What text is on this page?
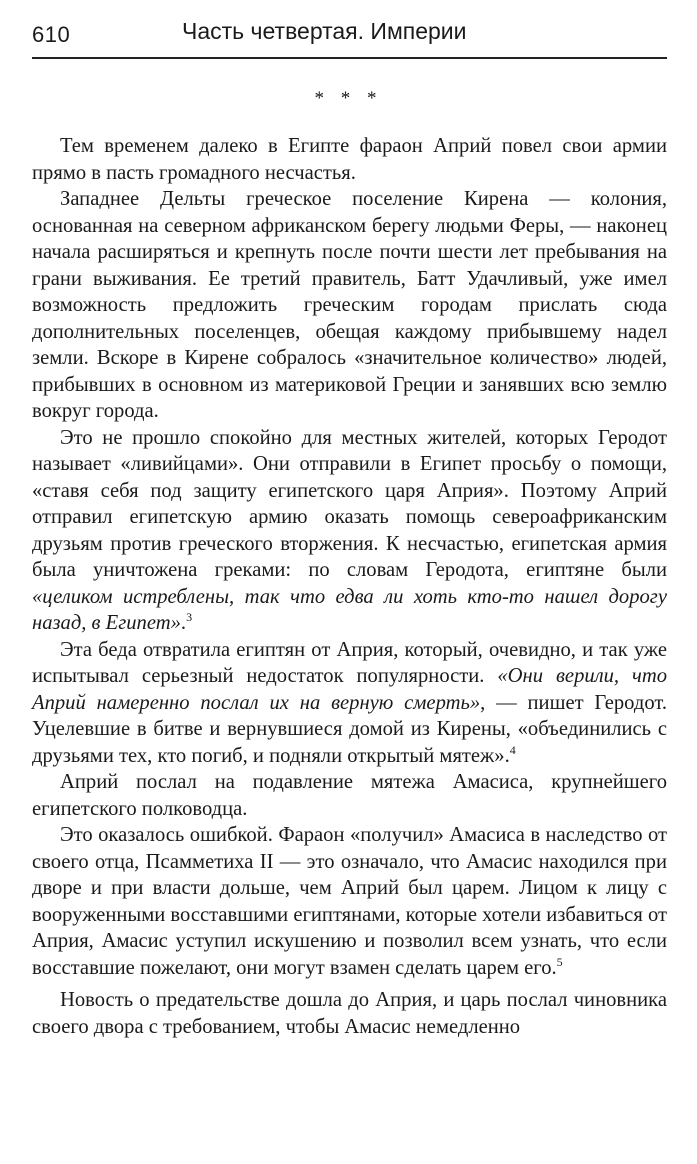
610	Часть четвертая. Империи
* * *

Тем временем далеко в Египте фараон Априй повел свои армии прямо в пасть громадного несчастья.

Западнее Дельты греческое поселение Кирена — колония, основанная на северном африканском берегу людьми Феры, — наконец начала расширяться и крепнуть после почти шести лет пребывания на грани выживания. Ее третий правитель, Батт Удачливый, уже имел возможность предложить греческим городам прислать сюда дополнительных поселенцев, обещая каждому прибывшему надел земли. Вскоре в Кирене собралось «значительное количество» людей, прибывших в основном из материковой Греции и занявших всю землю вокруг города.

Это не прошло спокойно для местных жителей, которых Геродот называет «ливийцами». Они отправили в Египет просьбу о помощи, «ставя себя под защиту египетского царя Априя». Поэтому Априй отправил египетскую армию оказать помощь североафриканским друзьям против греческого вторжения. К несчастью, египетская армия была уничтожена греками: по словам Геродота, египтяне были «целиком истреблены, так что едва ли хоть кто-то нашел дорогу назад, в Египет».$^3$

Эта беда отвратила египтян от Априя, который, очевидно, и так уже испытывал серьезный недостаток популярности. «Они верили, что Априй намеренно послал их на верную смерть», — пишет Геродот. Уцелевшие в битве и вернувшиеся домой из Кирены, «объединились с друзьями тех, кто погиб, и подняли открытый мятеж».$^4$

Априй послал на подавление мятежа Амасиса, крупнейшего египетского полководца.

Это оказалось ошибкой. Фараон «получил» Амасиса в наследство от своего отца, Псамметиха II — это означало, что Амасис находился при дворе и при власти дольше, чем Априй был царем. Лицом к лицу с вооруженными восставшими египтянами, которые хотели избавиться от Априя, Амасис уступил искушению и позволил всем узнать, что если восставшие пожелают, они могут взамен сделать царем его.$^5$

Новость о предательстве дошла до Априя, и царь послал чиновника своего двора с требованием, чтобы Амасис немедленно
